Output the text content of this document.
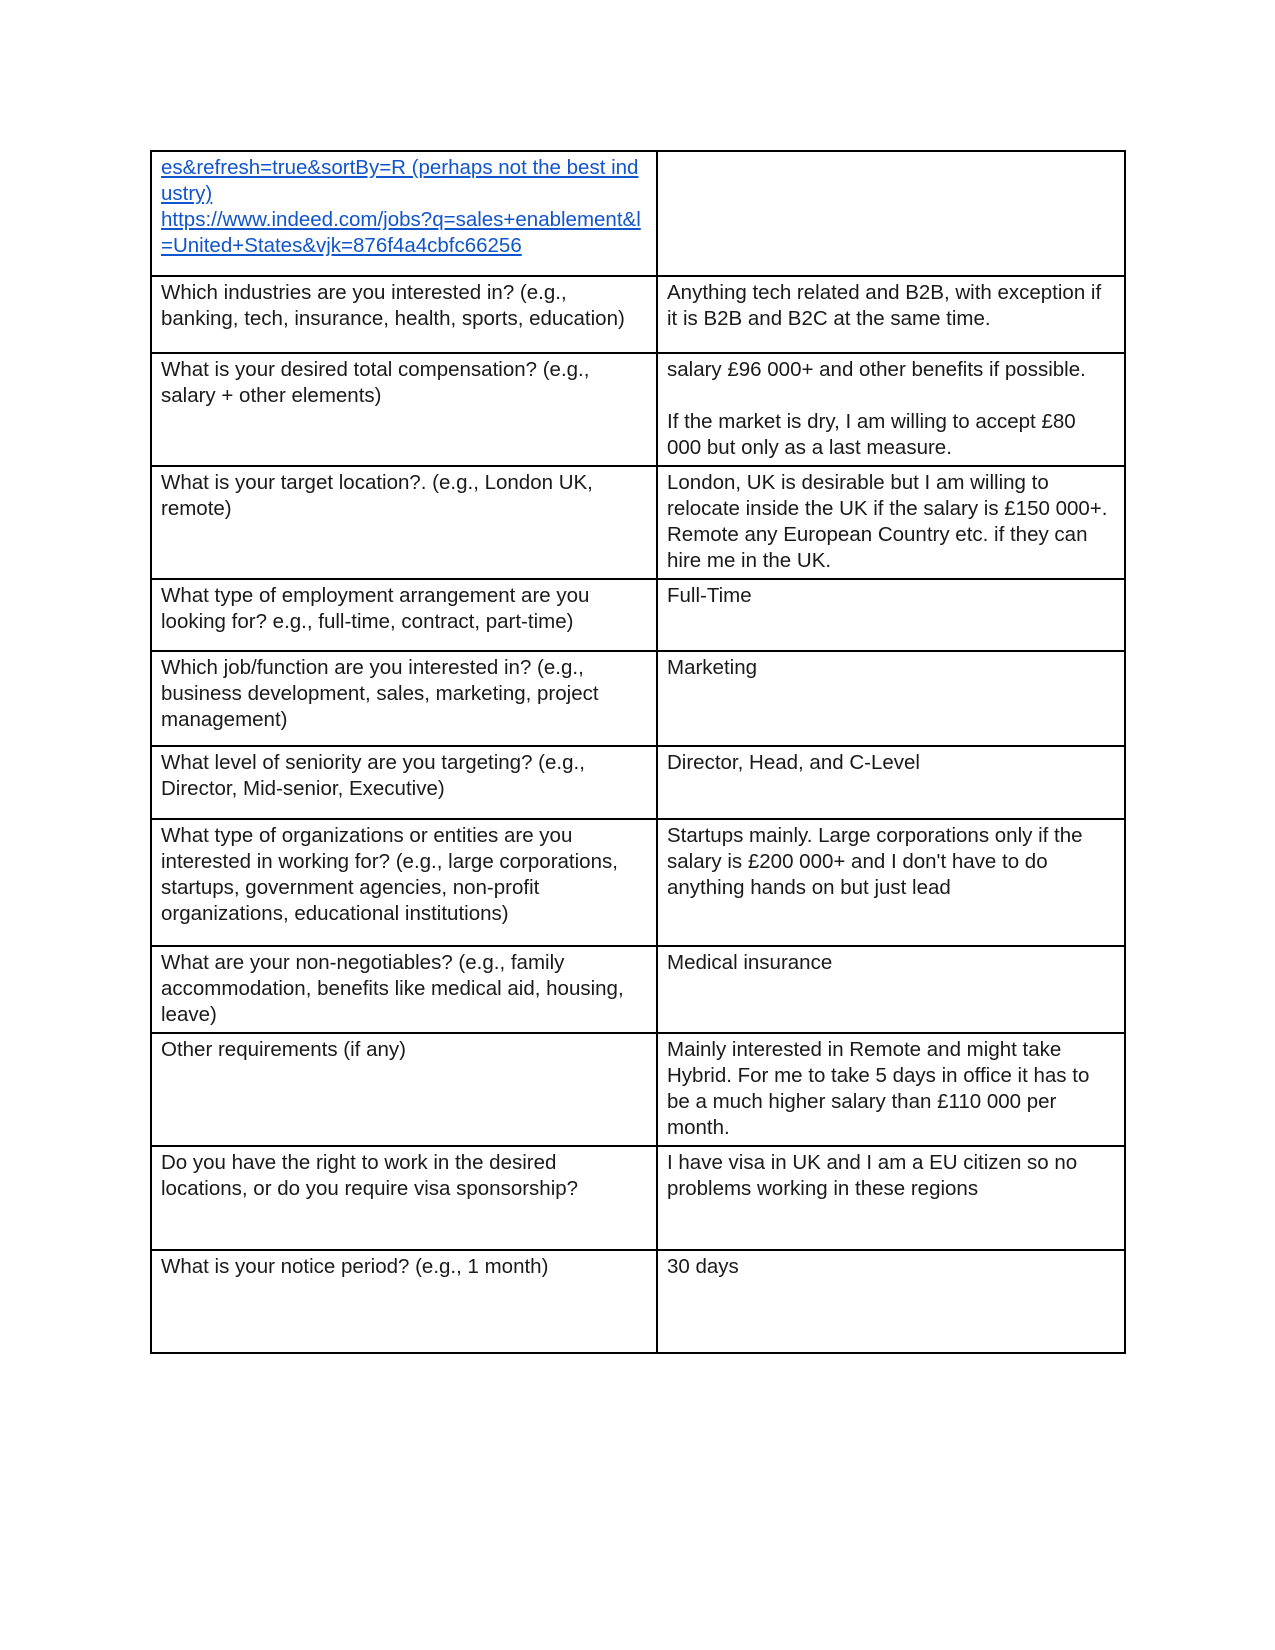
es&refresh=true&sortBy=R (perhaps not the best industry)
https://www.indeed.com/jobs?q=sales+enablement&l=United+States&vjk=876f4a4cbfc66256	

Which industries are you interested in? (e.g., banking, tech, insurance, health, sports, education)	Anything tech related and B2B, with exception if it is B2B and B2C at the same time.

What is your desired total compensation? (e.g., salary + other elements)	salary £96 000+ and other benefits if possible.
If the market is dry, I am willing to accept £80 000 but only as a last measure.

What is your target location?. (e.g., London UK, remote)	London, UK is desirable but I am willing to relocate inside the UK if the salary is £150 000+. Remote any European Country etc. if they can hire me in the UK.

What type of employment arrangement are you looking for? e.g., full-time, contract, part-time)	Full-Time

Which job/function are you interested in? (e.g., business development, sales, marketing, project management)	Marketing

What level of seniority are you targeting? (e.g., Director, Mid-senior, Executive)	Director, Head, and C-Level

What type of organizations or entities are you interested in working for? (e.g., large corporations, startups, government agencies, non-profit organizations, educational institutions)	Startups mainly. Large corporations only if the salary is £200 000+ and I don't have to do anything hands on but just lead

What are your non-negotiables? (e.g., family accommodation, benefits like medical aid, housing, leave)	Medical insurance

Other requirements (if any)	Mainly interested in Remote and might take Hybrid. For me to take 5 days in office it has to be a much higher salary than £110 000 per month.

Do you have the right to work in the desired locations, or do you require visa sponsorship?	I have visa in UK and I am a EU citizen so no problems working in these regions

What is your notice period? (e.g., 1 month)	30 days
